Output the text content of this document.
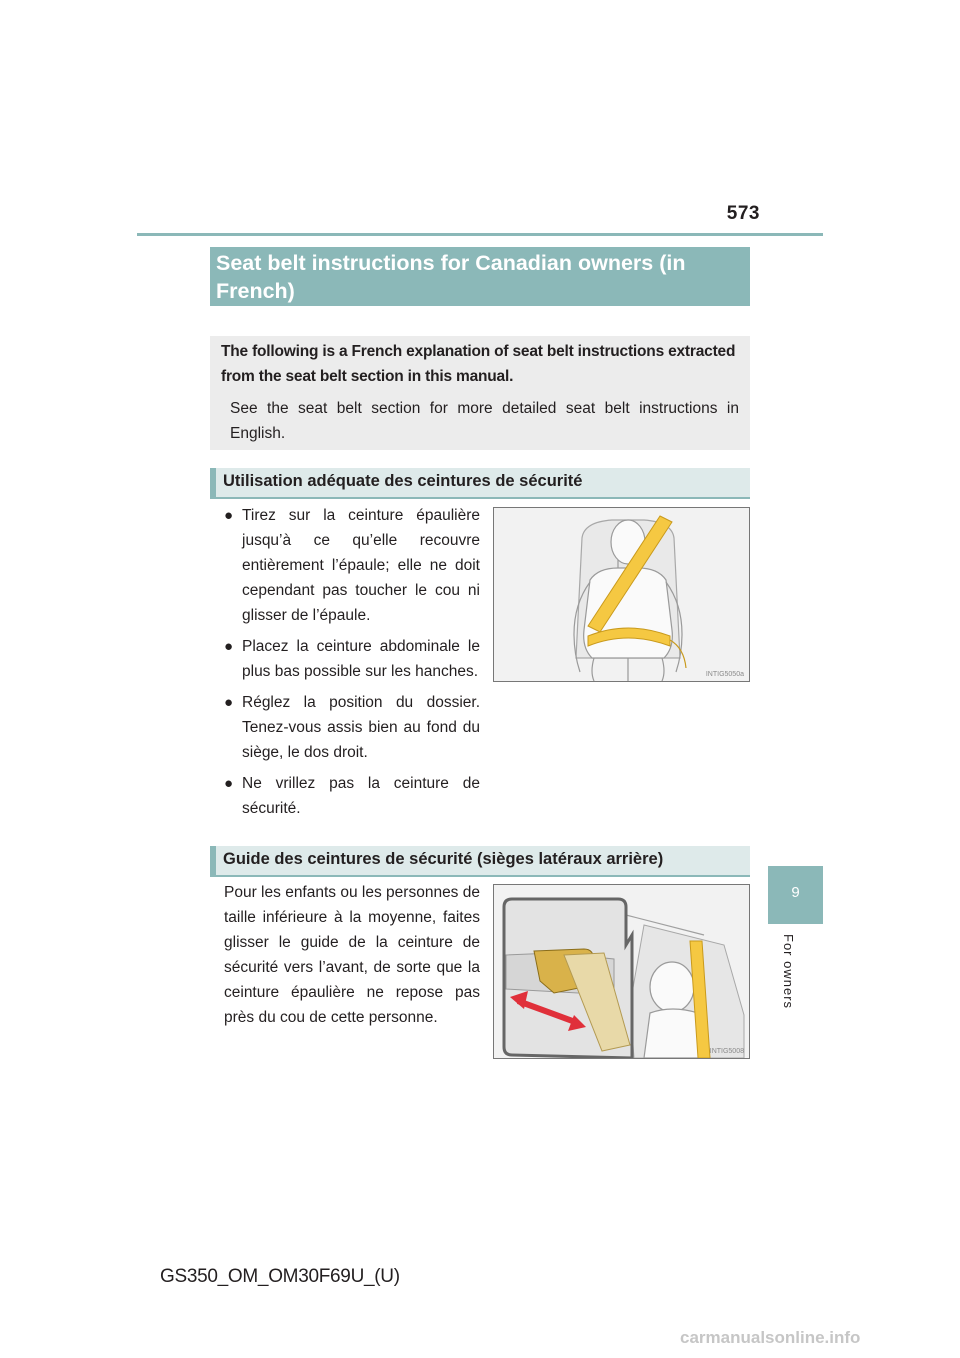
573
9
For owners
Seat belt instructions for Canadian owners (in French)
The following is a French explanation of seat belt instructions extracted from the seat belt section in this manual.
See the seat belt section for more detailed seat belt instructions in English.
Utilisation adéquate des ceintures de sécurité
● Tirez sur la ceinture épaulière jusqu’à ce qu’elle recouvre entièrement l’épaule; elle ne doit cependant pas toucher le cou ni glisser de l’épaule.
● Placez la ceinture abdominale le plus bas possible sur les hanches.
● Réglez la position du dossier. Tenez-vous assis bien au fond du siège, le dos droit.
● Ne vrillez pas la ceinture de sécurité.
INTIG5050a
Guide des ceintures de sécurité (sièges latéraux arrière)

Pour les enfants ou les personnes de taille inférieure à la moyenne, faites glisser le guide de la ceinture de sécurité vers l’avant, de sorte que la ceinture épaulière ne repose pas près du cou de cette personne.

INTIG5008
GS350_OM_OM30F69U_(U)
carmanualsonline.info
